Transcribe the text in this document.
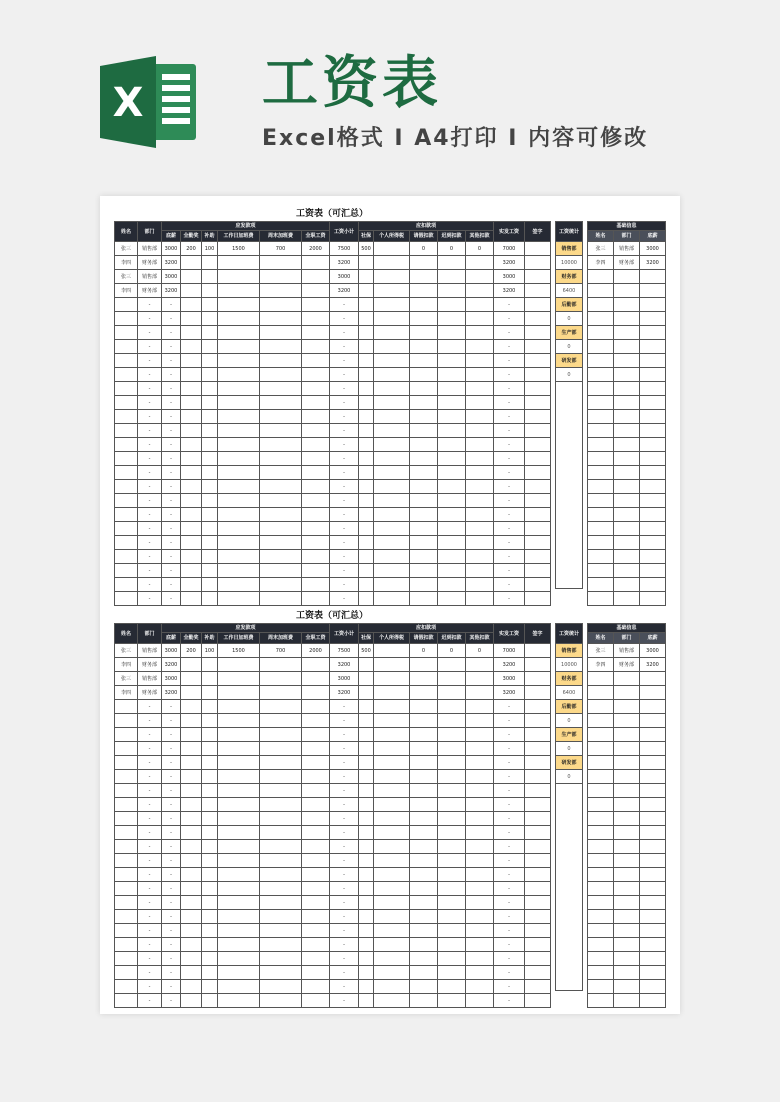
X 工资表
Excel格式 I A4打印 I 内容可修改
工资表（可汇总）
姓名	部门	应发款项						工资小计	应扣款项					实发工资	签字
		底薪	全勤奖	补助	工作日加班费	周末加班费	全职工资		社保	个人所得税	请假扣款	迟到扣款	其他扣款		
张三	销售部	3000	200	100	1500	700	2000	7500	500		0	0	0	7000	
李四	财务部	3200						3200						3200	
张三	销售部	3000						3000						3000	
李四	财务部	3200						3200						3200	
	-	-						-						-	
	-	-						-						-	
	-	-						-						-	
	-	-						-						-	
	-	-						-						-	
	-	-						-						-	
	-	-						-						-	
	-	-						-						-	
	-	-						-						-	
	-	-						-						-	
	-	-						-						-	
	-	-						-						-	
	-	-						-						-	
	-	-						-						-	
	-	-						-						-	
	-	-						-						-	
	-	-						-						-	
	-	-						-						-	
	-	-						-						-	
	-	-						-						-	
	-	-						-						-	
	-	-						-						-	
工资统计
销售部
10000
财务部
6400
后勤部
0
生产部
0
研发部
0

基础信息		
姓名	部门	底薪
张三	销售部	3000
李四	财务部	3200

工资表（可汇总）
姓名	部门	应发款项						工资小计	应扣款项					实发工资	签字
		底薪	全勤奖	补助	工作日加班费	周末加班费	全职工资		社保	个人所得税	请假扣款	迟到扣款	其他扣款		
张三	销售部	3000	200	100	1500	700	2000	7500	500		0	0	0	7000	
李四	财务部	3200						3200						3200	
张三	销售部	3000						3000						3000	
李四	财务部	3200						3200						3200	
	-	-						-						-	
	-	-						-						-	
	-	-						-						-	
	-	-						-						-	
	-	-						-						-	
	-	-						-						-	
	-	-						-						-	
	-	-						-						-	
	-	-						-						-	
	-	-						-						-	
	-	-						-						-	
	-	-						-						-	
	-	-						-						-	
	-	-						-						-	
	-	-						-						-	
	-	-						-						-	
	-	-						-						-	
	-	-						-						-	
	-	-						-						-	
	-	-						-						-	
	-	-						-						-	
	-	-						-						-	
工资统计
销售部
10000
财务部
6400
后勤部
0
生产部
0
研发部
0

基础信息		
姓名	部门	底薪
张三	销售部	3000
李四	财务部	3200
